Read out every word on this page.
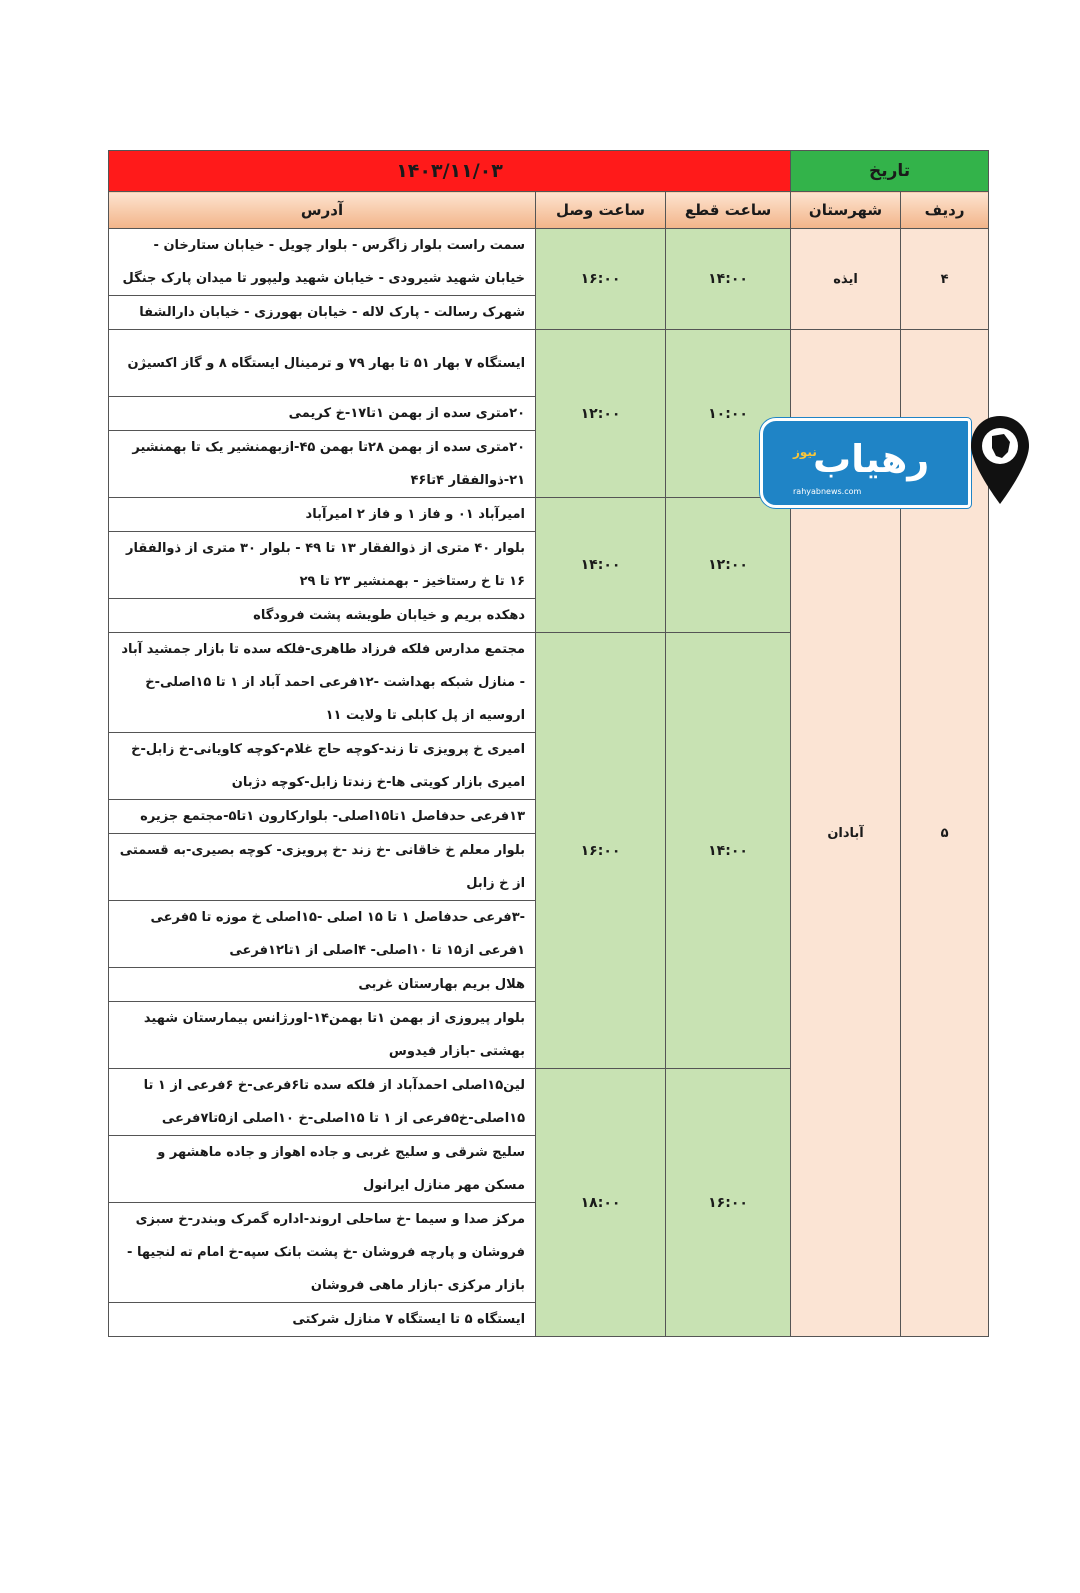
تاریخ		۱۴۰۳/۱۱/۰۳		
ردیف	شهرستان	ساعت قطع	ساعت وصل	آدرس
۴	ایذه	۱۴:۰۰	۱۶:۰۰	سمت راست بلوار زاگرس - بلوار چویل - خیابان ستارخان - خیابان شهید شیرودی - خیابان شهید ولیپور تا میدان پارک جنگل
				شهرک رسالت - پارک لاله - خیابان بهورزی - خیابان دارالشفا
۵	آبادان	۱۰:۰۰	۱۲:۰۰	ایستگاه ۷ بهار ۵۱ تا بهار ۷۹ و ترمینال ایستگاه ۸ و گاز اکسیژن
				۲۰متری سده از بهمن ۱تا۱۷-خ کریمی
				۲۰متری سده از بهمن ۲۸تا بهمن ۴۵-ازبهمنشیر یک تا بهمنشیر ۲۱-ذوالفقار ۴تا۴۶
		۱۲:۰۰	۱۴:۰۰	امیرآباد ۰۱ و فاز ۱ و فاز ۲ امیرآباد
				بلوار ۴۰ متری از ذوالفقار ۱۳ تا ۴۹ - بلوار ۳۰ متری از ذوالفقار ۱۶ تا خ رستاخیز - بهمنشیر ۲۳ تا ۲۹
				دهکده بریم و خیابان طویشه پشت فرودگاه
		۱۴:۰۰	۱۶:۰۰	مجتمع مدارس فلکه فرزاد طاهری-فلکه سده تا بازار جمشید آباد - منازل شبکه بهداشت -۱۲فرعی احمد آباد از ۱ تا ۱۵اصلی-خ اروسیه از پل کابلی تا ولایت ۱۱
				امیری خ پرویزی تا زند-کوچه حاج غلام-کوچه کاویانی-خ زابل-خ امیری بازار کویتی ها-خ زندتا زابل-کوچه دژبان
				۱۳فرعی حدفاصل ۱تا۱۵اصلی- بلوارکارون ۱تا۵-مجتمع جزیره
				بلوار معلم خ خاقانی -خ زند -خ پرویزی- کوچه بصیری-به قسمتی از خ زابل
				-۳فرعی حدفاصل ۱ تا ۱۵ اصلی -۱۵اصلی خ موزه تا ۵فرعی ۱فرعی از۱۵ تا ۱۰اصلی- ۴اصلی از ۱تا۱۲فرعی
				هلال بریم بهارستان غربی
				بلوار پیروزی از بهمن ۱تا بهمن۱۴-اورژانس بیمارستان شهید بهشتی -بازار فیدوس
		۱۶:۰۰	۱۸:۰۰	لین۱۵اصلی احمدآباد از فلکه سده تا۶فرعی-خ ۶فرعی از ۱ تا ۱۵اصلی-خ۵فرعی از ۱ تا ۱۵اصلی-خ ۱۰اصلی از۵تا۷فرعی
				سلیج شرقی و سلیج غربی و جاده اهواز و جاده ماهشهر و مسکن مهر منازل ایرانول
				مرکز صدا و سیما -خ ساحلی اروند-اداره گمرک وبندر-خ سبزی فروشان و پارچه فروشان -خ پشت بانک سپه-خ امام ته لنجیها - بازار مرکزی -بازار ماهی فروشان
				ایستگاه ۵ تا ایستگاه ۷ منازل شرکتی
نیوز
رهیاب
rahyabnews.com
